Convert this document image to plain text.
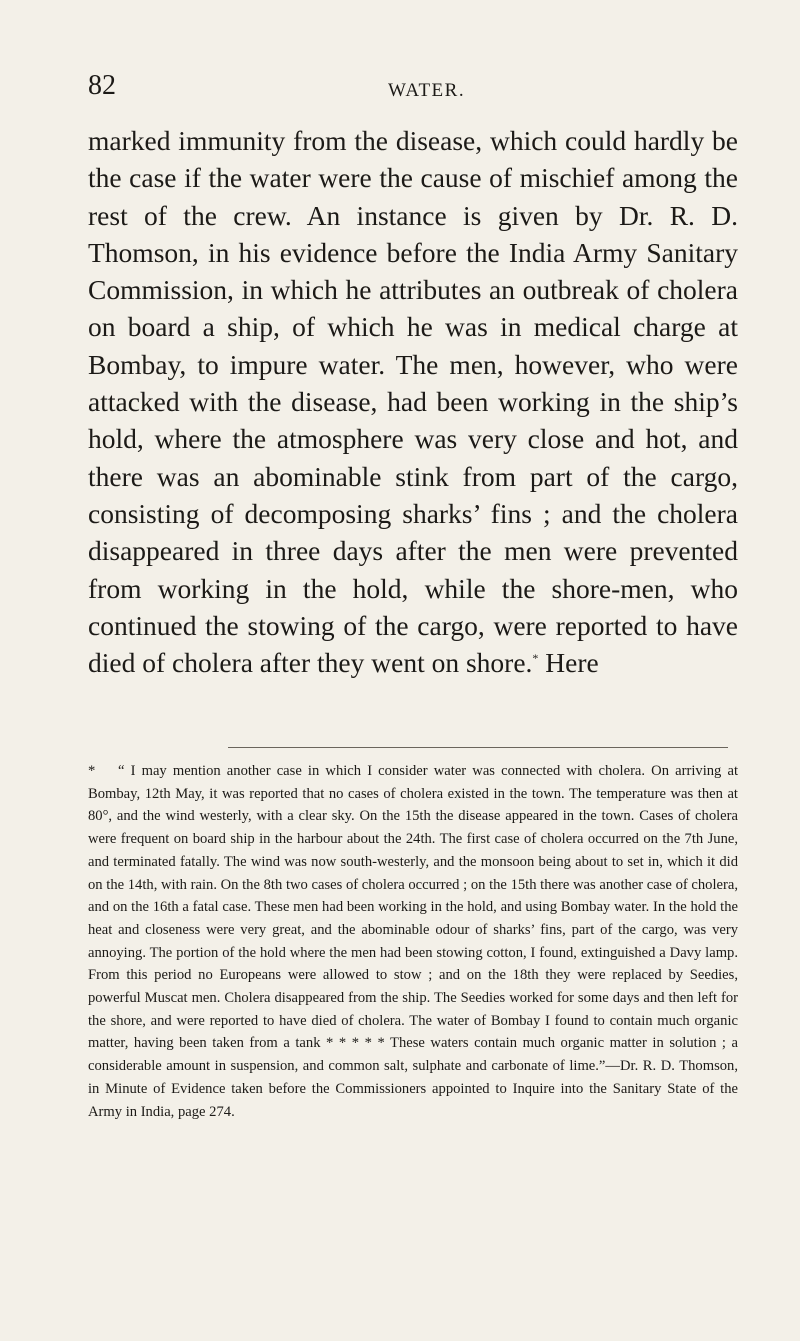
82	WATER.

marked immunity from the disease, which could hardly be the case if the water were the cause of mischief among the rest of the crew. An instance is given by Dr. R. D. Thomson, in his evidence before the India Army Sanitary Commission, in which he attributes an outbreak of cholera on board a ship, of which he was in medical charge at Bombay, to impure water. The men, however, who were attacked with the disease, had been working in the ship’s hold, where the atmosphere was very close and hot, and there was an abominable stink from part of the cargo, consisting of decomposing sharks’ fins ; and the cholera disappeared in three days after the men were prevented from working in the hold, while the shore-men, who continued the stowing of the cargo, were reported to have died of cholera after they went on shore.* Here

* “ I may mention another case in which I consider water was connected with cholera. On arriving at Bombay, 12th May, it was reported that no cases of cholera existed in the town. The temperature was then at 80°, and the wind westerly, with a clear sky. On the 15th the disease appeared in the town. Cases of cholera were frequent on board ship in the harbour about the 24th. The first case of cholera occurred on the 7th June, and terminated fatally. The wind was now south-westerly, and the monsoon being about to set in, which it did on the 14th, with rain. On the 8th two cases of cholera occurred ; on the 15th there was another case of cholera, and on the 16th a fatal case. These men had been working in the hold, and using Bombay water. In the hold the heat and closeness were very great, and the abominable odour of sharks’ fins, part of the cargo, was very annoying. The portion of the hold where the men had been stowing cotton, I found, extinguished a Davy lamp. From this period no Europeans were allowed to stow ; and on the 18th they were replaced by Seedies, powerful Muscat men. Cholera disappeared from the ship. The Seedies worked for some days and then left for the shore, and were reported to have died of cholera. The water of Bombay I found to contain much organic matter, having been taken from a tank * * * * * These waters contain much organic matter in solution ; a considerable amount in suspension, and common salt, sulphate and carbonate of lime.”—Dr. R. D. Thomson, in Minute of Evidence taken before the Commissioners appointed to Inquire into the Sanitary State of the Army in India, page 274.
